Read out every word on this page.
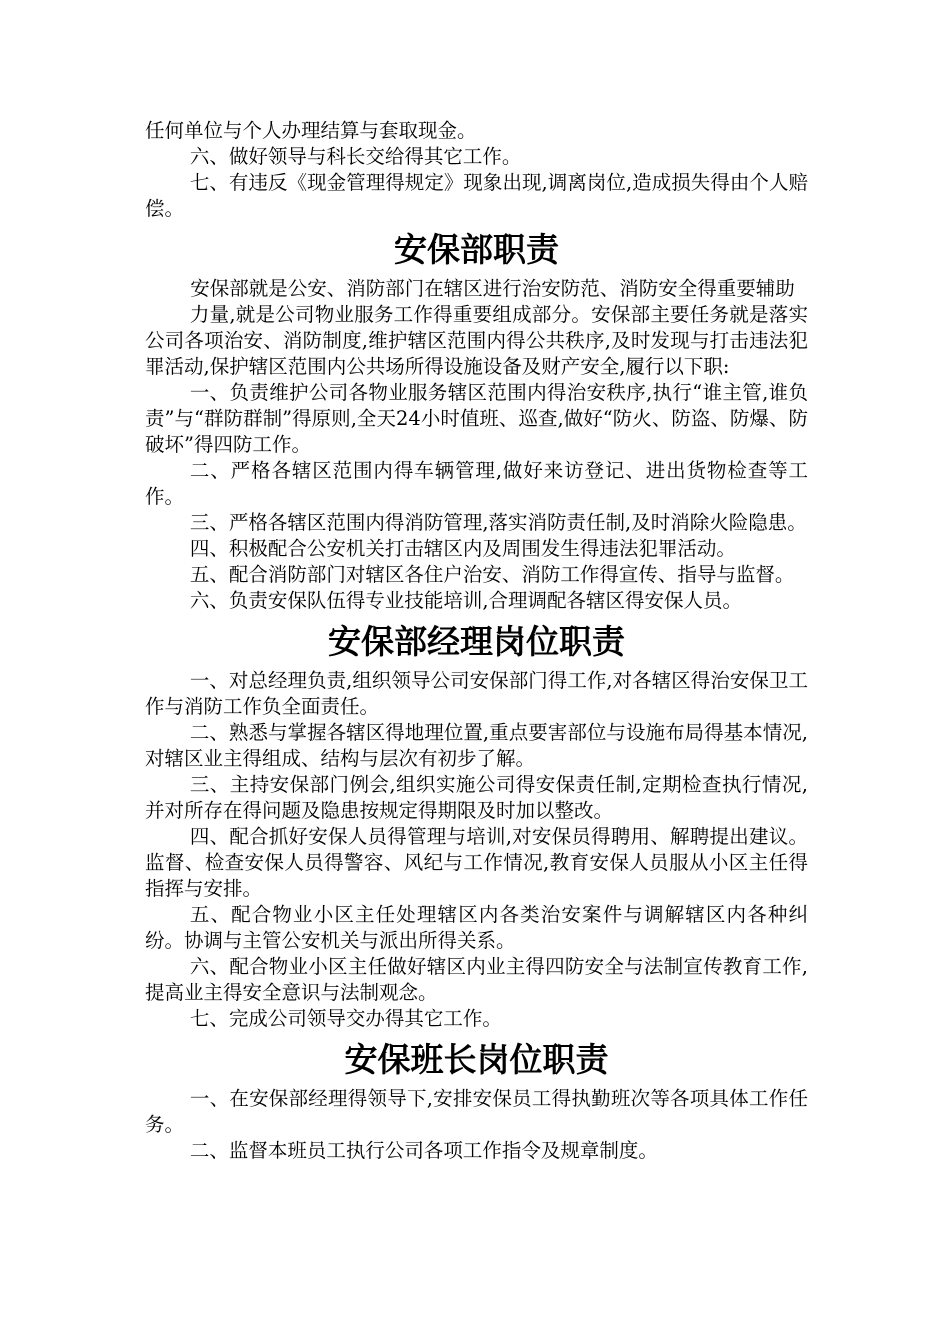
任何单位与个人办理结算与套取现金。

六、做好领导与科长交给得其它工作。

七、有违反《现金管理得规定》现象出现,调离岗位,造成损失得由个人赔偿。

安保部职责

安保部就是公安、消防部门在辖区进行治安防范、消防安全得重要辅助

力量,就是公司物业服务工作得重要组成部分。安保部主要任务就是落实公司各项治安、消防制度,维护辖区范围内得公共秩序,及时发现与打击违法犯罪活动,保护辖区范围内公共场所得设施设备及财产安全,履行以下职:

一、负责维护公司各物业服务辖区范围内得治安秩序,执行“谁主管,谁负责”与“群防群制”得原则,全天24小时值班、巡查,做好“防火、防盗、防爆、防破坏”得四防工作。

二、严格各辖区范围内得车辆管理,做好来访登记、进出货物检查等工作。

三、严格各辖区范围内得消防管理,落实消防责任制,及时消除火险隐患。

四、积极配合公安机关打击辖区内及周围发生得违法犯罪活动。

五、配合消防部门对辖区各住户治安、消防工作得宣传、指导与监督。

六、负责安保队伍得专业技能培训,合理调配各辖区得安保人员。

安保部经理岗位职责

一、对总经理负责,组织领导公司安保部门得工作,对各辖区得治安保卫工作与消防工作负全面责任。

二、熟悉与掌握各辖区得地理位置,重点要害部位与设施布局得基本情况,对辖区业主得组成、结构与层次有初步了解。

三、主持安保部门例会,组织实施公司得安保责任制,定期检查执行情况,并对所存在得问题及隐患按规定得期限及时加以整改。

四、配合抓好安保人员得管理与培训,对安保员得聘用、解聘提出建议。监督、检查安保人员得警容、风纪与工作情况,教育安保人员服从小区主任得指挥与安排。

五、配合物业小区主任处理辖区内各类治安案件与调解辖区内各种纠纷。协调与主管公安机关与派出所得关系。

六、配合物业小区主任做好辖区内业主得四防安全与法制宣传教育工作,提高业主得安全意识与法制观念。

七、完成公司领导交办得其它工作。

安保班长岗位职责

一、在安保部经理得领导下,安排安保员工得执勤班次等各项具体工作任务。

二、监督本班员工执行公司各项工作指令及规章制度。
